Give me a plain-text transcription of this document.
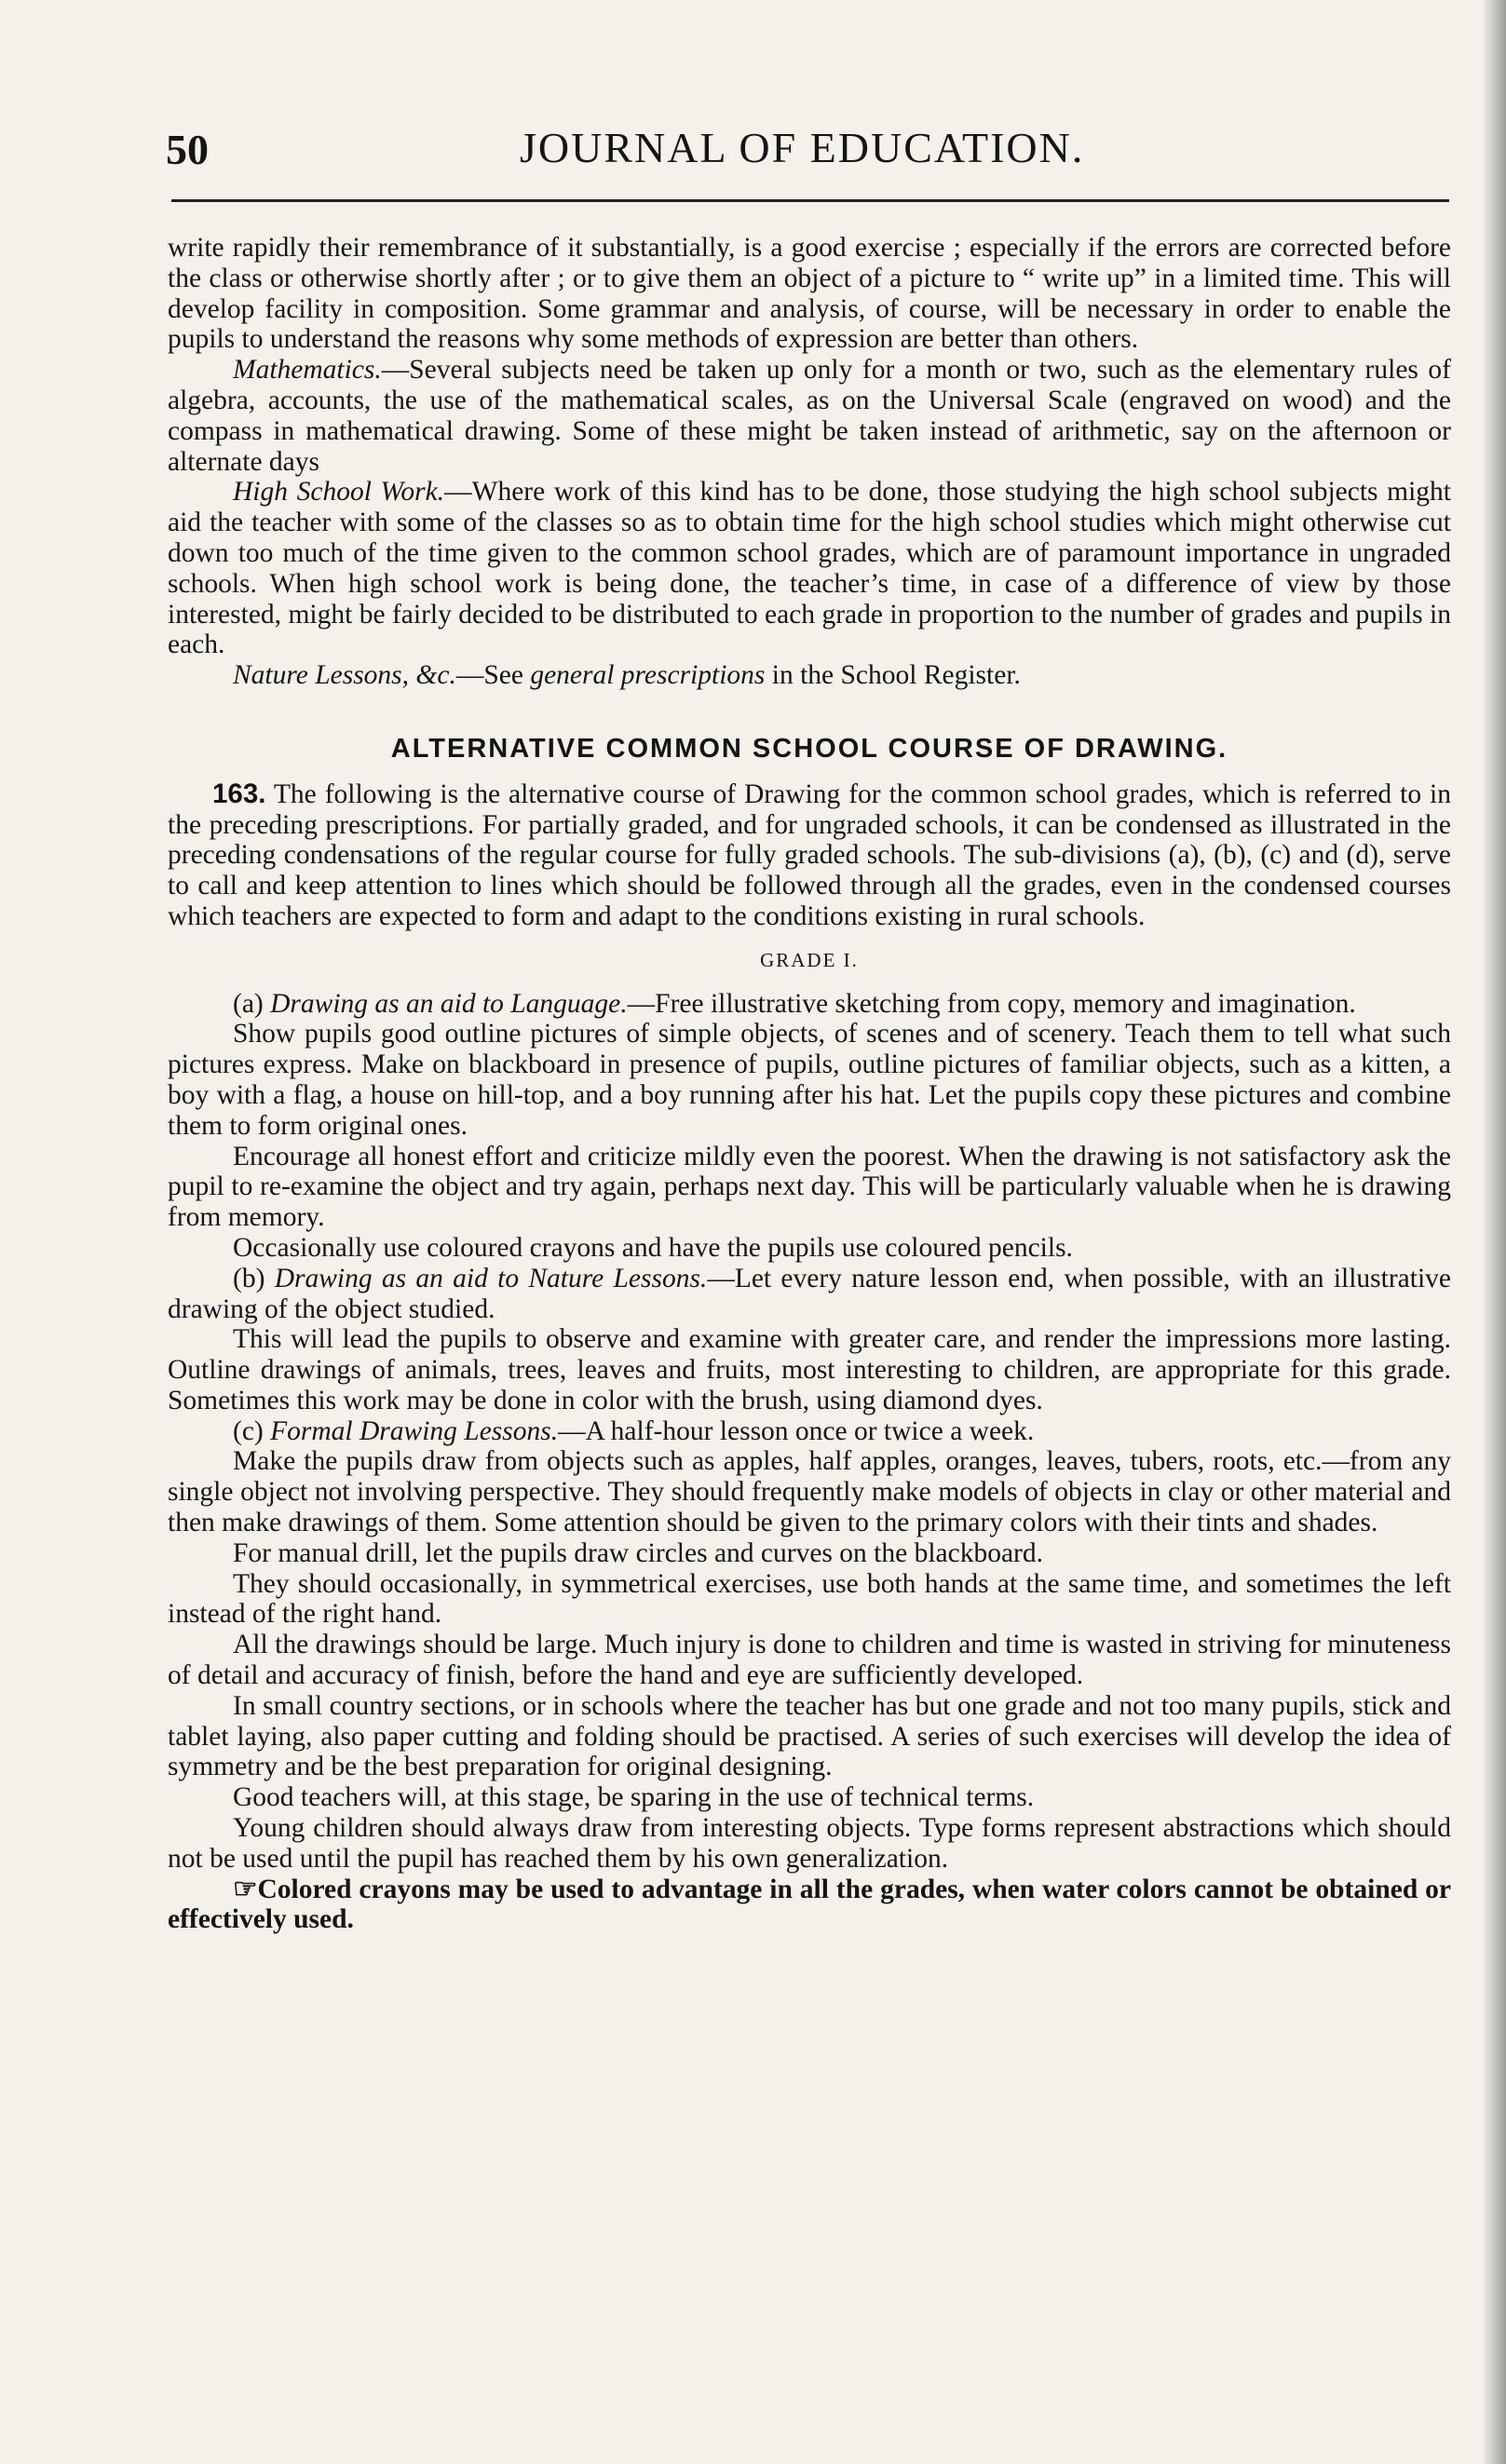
50	JOURNAL OF EDUCATION.

write rapidly their remembrance of it substantially, is a good exercise ; especially if the errors are corrected before the class or otherwise shortly after ; or to give them an object of a picture to “ write up” in a limited time. This will develop facility in composition. Some grammar and analysis, of course, will be necessary in order to enable the pupils to understand the reasons why some methods of expression are better than others.

Mathematics.—Several subjects need be taken up only for a month or two, such as the elementary rules of algebra, accounts, the use of the mathematical scales, as on the Universal Scale (engraved on wood) and the compass in mathematical drawing. Some of these might be taken instead of arithmetic, say on the afternoon or alternate days

High School Work.—Where work of this kind has to be done, those studying the high school subjects might aid the teacher with some of the classes so as to obtain time for the high school studies which might otherwise cut down too much of the time given to the common school grades, which are of paramount importance in ungraded schools. When high school work is being done, the teacher’s time, in case of a difference of view by those interested, might be fairly decided to be distributed to each grade in proportion to the number of grades and pupils in each.

Nature Lessons, &c.—See general prescriptions in the School Register.

ALTERNATIVE COMMON SCHOOL COURSE OF DRAWING.

163. The following is the alternative course of Drawing for the common school grades, which is referred to in the preceding prescriptions. For partially graded, and for ungraded schools, it can be condensed as illustrated in the preceding condensations of the regular course for fully graded schools. The sub-divisions (a), (b), (c) and (d), serve to call and keep attention to lines which should be followed through all the grades, even in the condensed courses which teachers are expected to form and adapt to the conditions existing in rural schools.

GRADE I.

(a) Drawing as an aid to Language.—Free illustrative sketching from copy, memory and imagination.

Show pupils good outline pictures of simple objects, of scenes and of scenery. Teach them to tell what such pictures express. Make on blackboard in presence of pupils, outline pictures of familiar objects, such as a kitten, a boy with a flag, a house on hill-top, and a boy running after his hat. Let the pupils copy these pictures and combine them to form original ones.

Encourage all honest effort and criticize mildly even the poorest. When the drawing is not satisfactory ask the pupil to re-examine the object and try again, perhaps next day. This will be particularly valuable when he is drawing from memory.

Occasionally use coloured crayons and have the pupils use coloured pencils.

(b) Drawing as an aid to Nature Lessons.—Let every nature lesson end, when possible, with an illustrative drawing of the object studied.

This will lead the pupils to observe and examine with greater care, and render the impressions more lasting. Outline drawings of animals, trees, leaves and fruits, most interesting to children, are appropriate for this grade. Sometimes this work may be done in color with the brush, using diamond dyes.

(c) Formal Drawing Lessons.—A half-hour lesson once or twice a week.

Make the pupils draw from objects such as apples, half apples, oranges, leaves, tubers, roots, etc.—from any single object not involving perspective. They should frequently make models of objects in clay or other material and then make drawings of them. Some attention should be given to the primary colors with their tints and shades.

For manual drill, let the pupils draw circles and curves on the blackboard.

They should occasionally, in symmetrical exercises, use both hands at the same time, and sometimes the left instead of the right hand.

All the drawings should be large. Much injury is done to children and time is wasted in striving for minuteness of detail and accuracy of finish, before the hand and eye are sufficiently developed.

In small country sections, or in schools where the teacher has but one grade and not too many pupils, stick and tablet laying, also paper cutting and folding should be practised. A series of such exercises will develop the idea of symmetry and be the best preparation for original designing.

Good teachers will, at this stage, be sparing in the use of technical terms.

Young children should always draw from interesting objects. Type forms represent abstractions which should not be used until the pupil has reached them by his own generalization.

☞Colored crayons may be used to advantage in all the grades, when water colors cannot be obtained or effectively used.
